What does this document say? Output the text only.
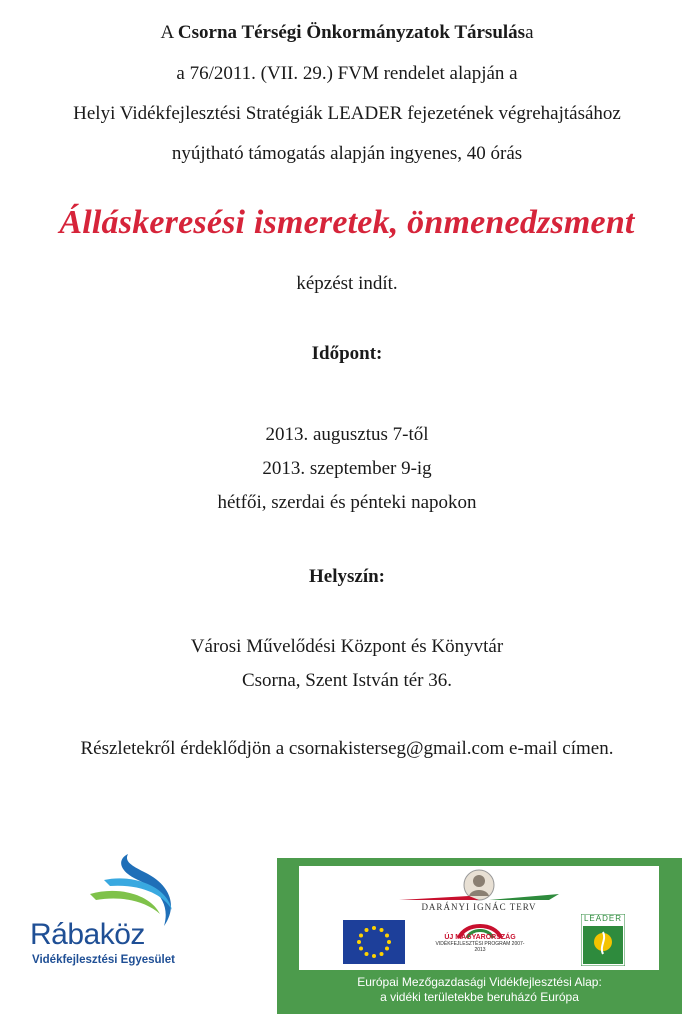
A Csorna Térségi Önkormányzatok Társulása
a 76/2011. (VII. 29.) FVM rendelet alapján a
Helyi Vidékfejlesztési Stratégiák LEADER fejezetének végrehajtásához
nyújtható támogatás alapján ingyenes, 40 órás
Álláskeresési ismeretek, önmenedzsment
képzést indít.
Időpont:
2013. augusztus 7-től
2013. szeptember 9-ig
hétfői, szerdai és pénteki napokon
Helyszín:
Városi Művelődési Központ és Könyvtár
Csorna, Szent István tér 36.
Részletekről érdeklődjön a csornakisterseg@gmail.com e-mail címen.
Rábaköz
Vidékfejlesztési Egyesület
DARÁNYI IGNÁC TERV
ÚJ MAGYARORSZÁG
VIDÉKFEJLESZTÉSI PROGRAM 2007-2013
LEADER
Európai Mezőgazdasági Vidékfejlesztési Alap:
a vidéki területekbe beruházó Európa
